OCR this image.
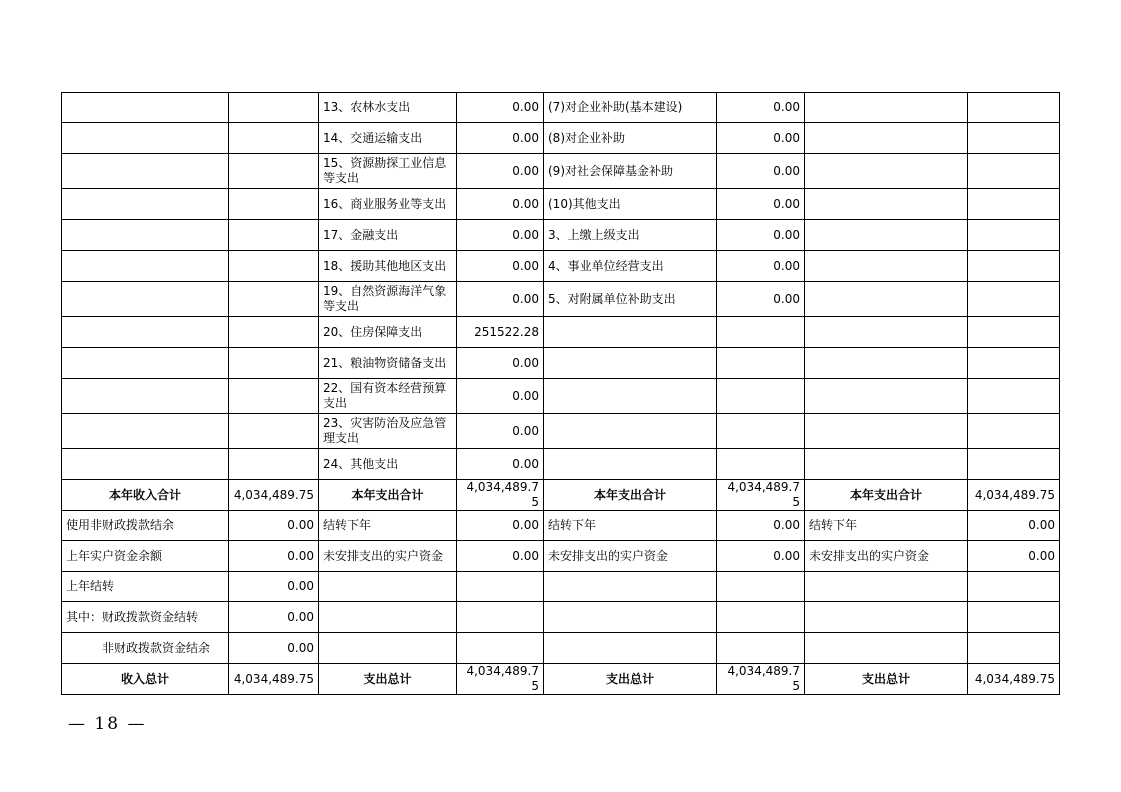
		13、农林水支出	0.00	(7)对企业补助(基本建设)	0.00		
		14、交通运输支出	0.00	(8)对企业补助	0.00		
		15、资源勘探工业信息等支出	0.00	(9)对社会保障基金补助	0.00		
		16、商业服务业等支出	0.00	(10)其他支出	0.00		
		17、金融支出	0.00	3、上缴上级支出	0.00		
		18、援助其他地区支出	0.00	4、事业单位经营支出	0.00		
		19、自然资源海洋气象等支出	0.00	5、对附属单位补助支出	0.00		
		20、住房保障支出	251522.28				
		21、粮油物资储备支出	0.00				
		22、国有资本经营预算支出	0.00				
		23、灾害防治及应急管理支出	0.00				
		24、其他支出	0.00				
本年收入合计	4,034,489.75	本年支出合计	4,034,489.75	本年支出合计	4,034,489.75	本年支出合计	4,034,489.75
使用非财政拨款结余	0.00	结转下年	0.00	结转下年	0.00	结转下年	0.00
上年实户资金余额	0.00	未安排支出的实户资金	0.00	未安排支出的实户资金	0.00	未安排支出的实户资金	0.00
上年结转	0.00						
其中：财政拨款资金结转	0.00						
非财政拨款资金结余	0.00						
收入总计	4,034,489.75	支出总计	4,034,489.75	支出总计	4,034,489.75	支出总计	4,034,489.75
— 18 —
